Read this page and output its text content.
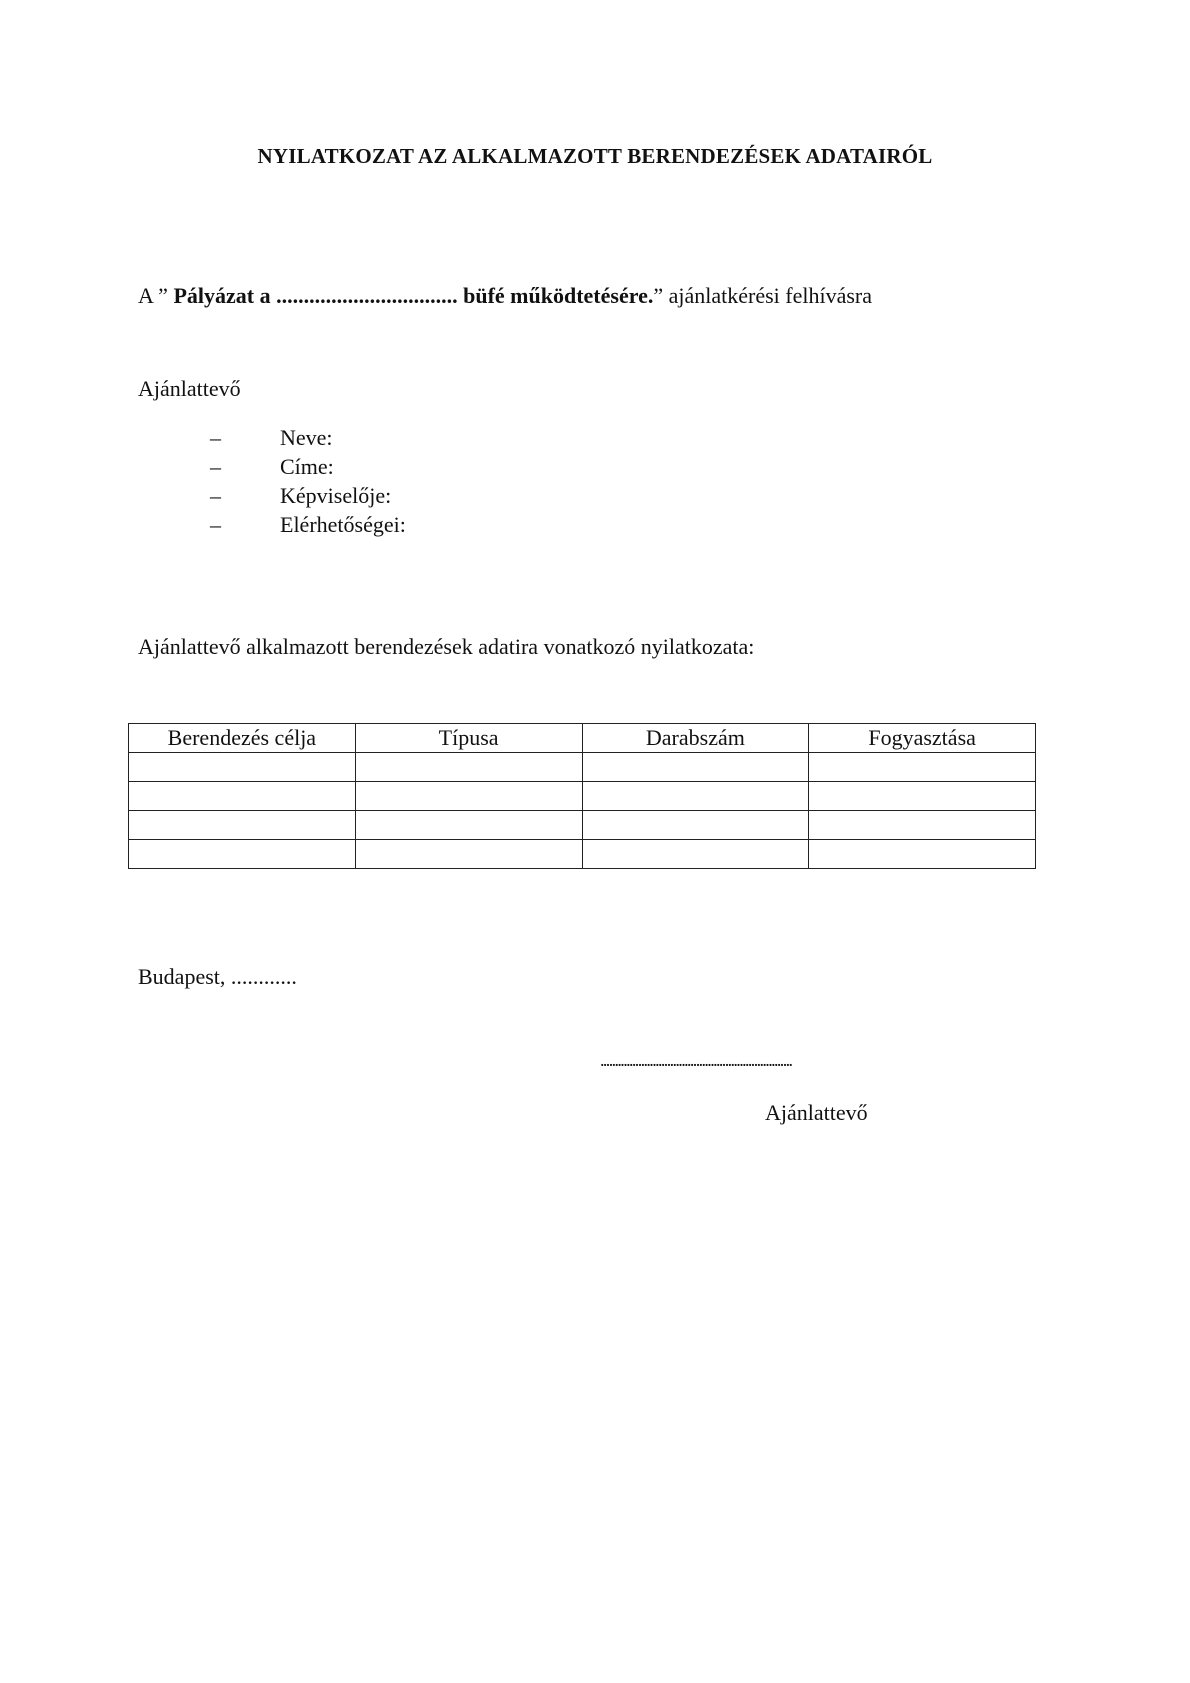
NYILATKOZAT AZ ALKALMAZOTT BERENDEZÉSEK ADATAIRÓL
A ” Pályázat a ................................. büfé működtetésére.” ajánlatkérési felhívásra
Ajánlattevő
–	Neve:
–	Címe:
–	Képviselője:
–	Elérhetőségei:
Ajánlattevő alkalmazott berendezések adatira vonatkozó nyilatkozata:
Berendezés célja	Típusa	Darabszám	Fogyasztása

Budapest, ............
..................................................................
Ajánlattevő
